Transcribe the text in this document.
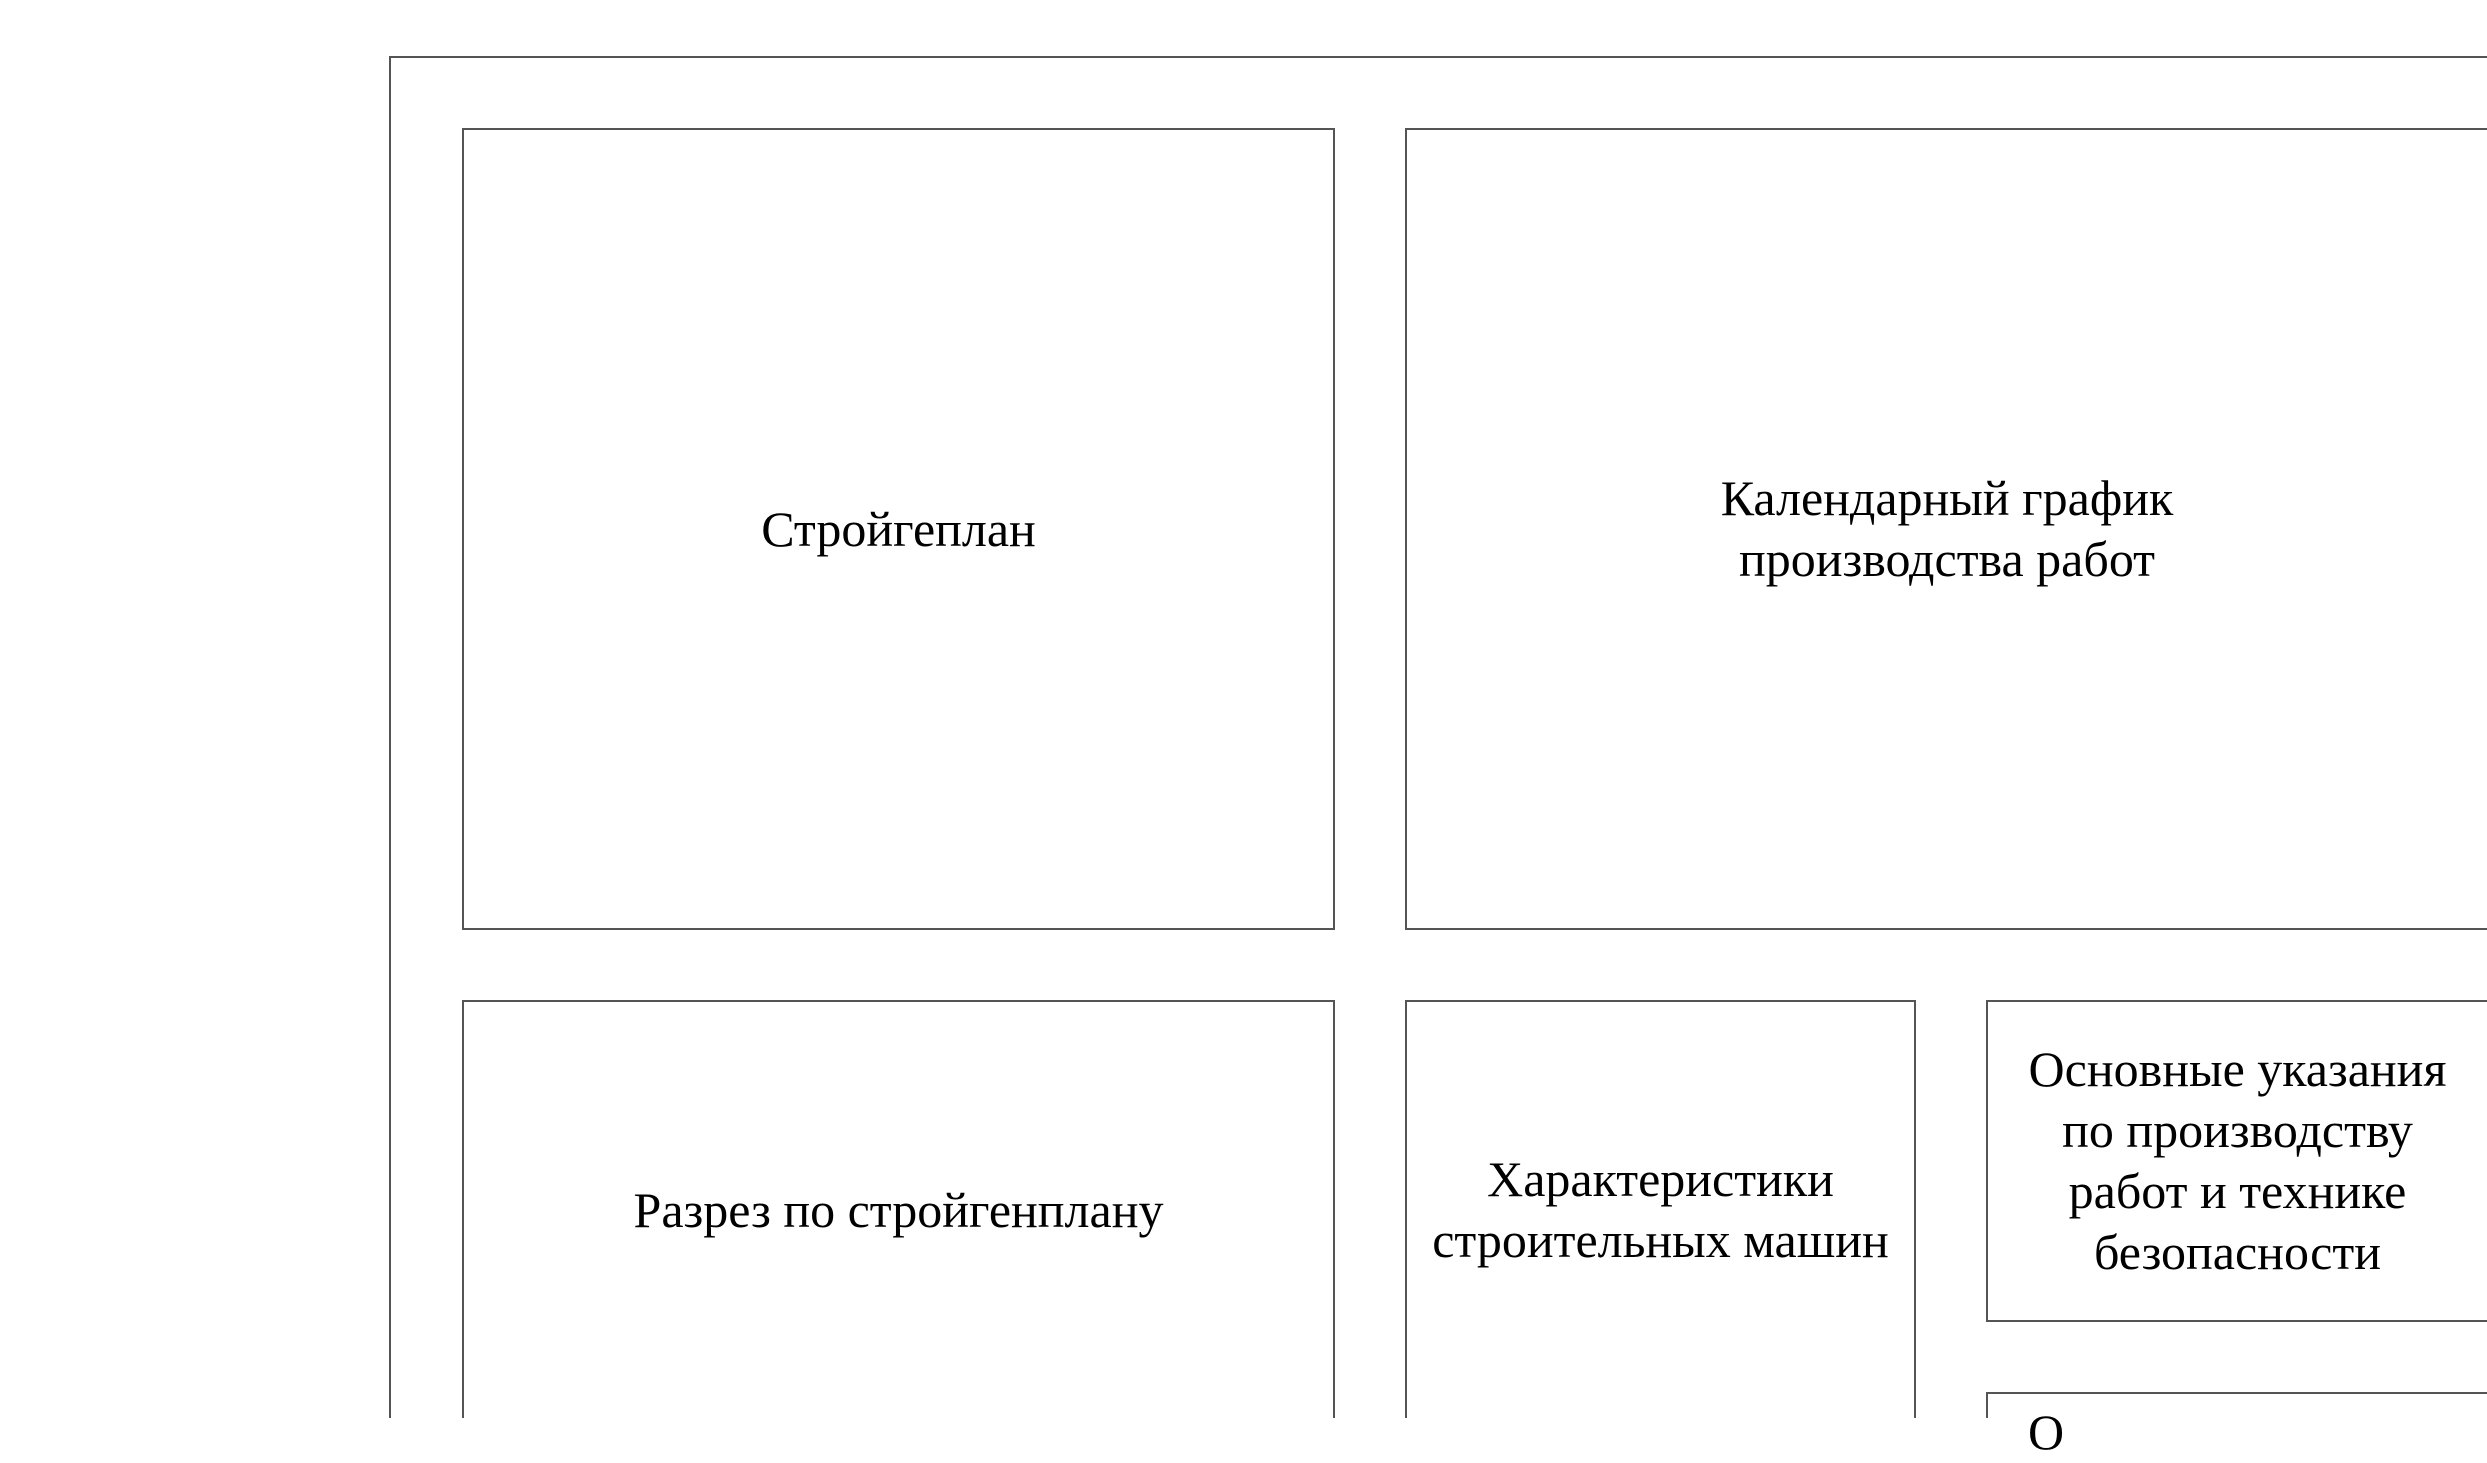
Стройгеплан
Календарный график
производства работ
Разрез по стройгенплану
Характеристики
строительных машин
Основные указания
по производству
работ и технике
безопасности
О
